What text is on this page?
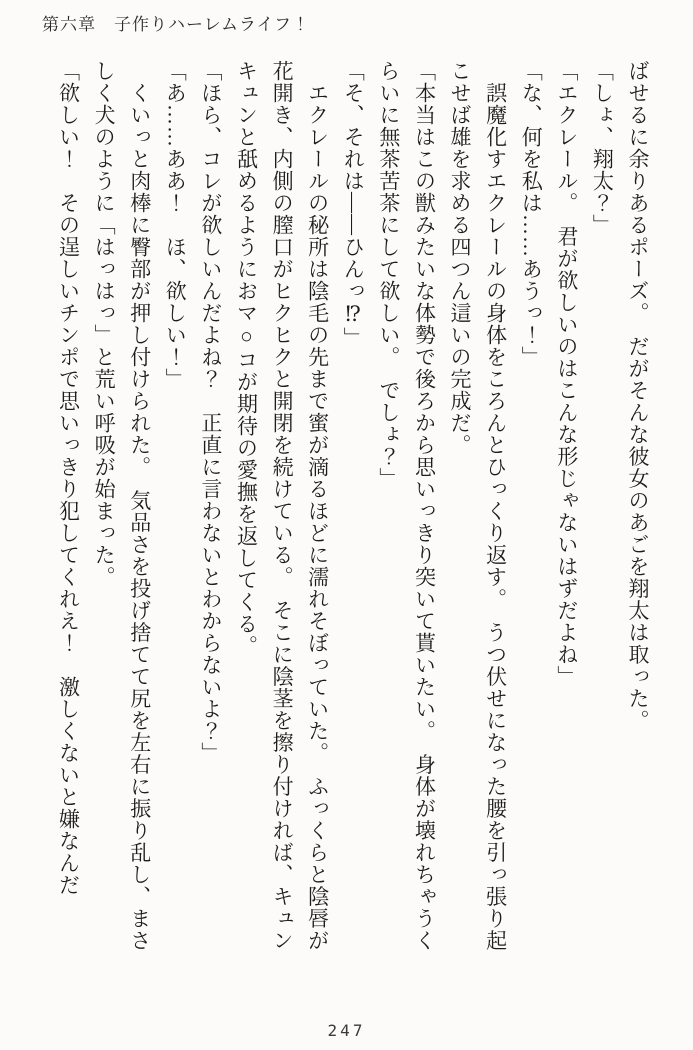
第六章　子作りハーレムライフ！
ばせるに余りあるポーズ。　だがそんな彼女のあごを翔太は取った。
「しょ、翔太？」
「エクレール。　君が欲しいのはこんな形じゃないはずだよね」
「な、何を私は……あうっ！」
誤魔化すエクレールの身体をころんとひっくり返す。　うつ伏せになった腰を引っ張り起こせば雄を求める四つん這いの完成だ。
「本当はこの獣みたいな体勢で後ろから思いっきり突いて貰いたい。　身体が壊れちゃうくらいに無茶苦茶にして欲しい。　でしょ？」
「そ、それは――ひんっ⁉」
エクレールの秘所は陰毛の先まで蜜が滴るほどに濡れそぼっていた。　ふっくらと陰唇が花開き、内側の膣口がヒクヒクと開閉を続けている。　そこに陰茎を擦り付ければ、キュンキュンと舐めるようにおマ○コが期待の愛撫を返してくる。
「ほら、コレが欲しいんだよね？　正直に言わないとわからないよ？」
「あ……ああ！　ほ、欲しい！」
くいっと肉棒に臀部が押し付けられた。　気品さを投げ捨てて尻を左右に振り乱し、まさしく犬のように「はっはっ」と荒い呼吸が始まった。
「欲しい！　その逞しいチンポで思いっきり犯してくれえ！　激しくないと嫌なんだ
247
